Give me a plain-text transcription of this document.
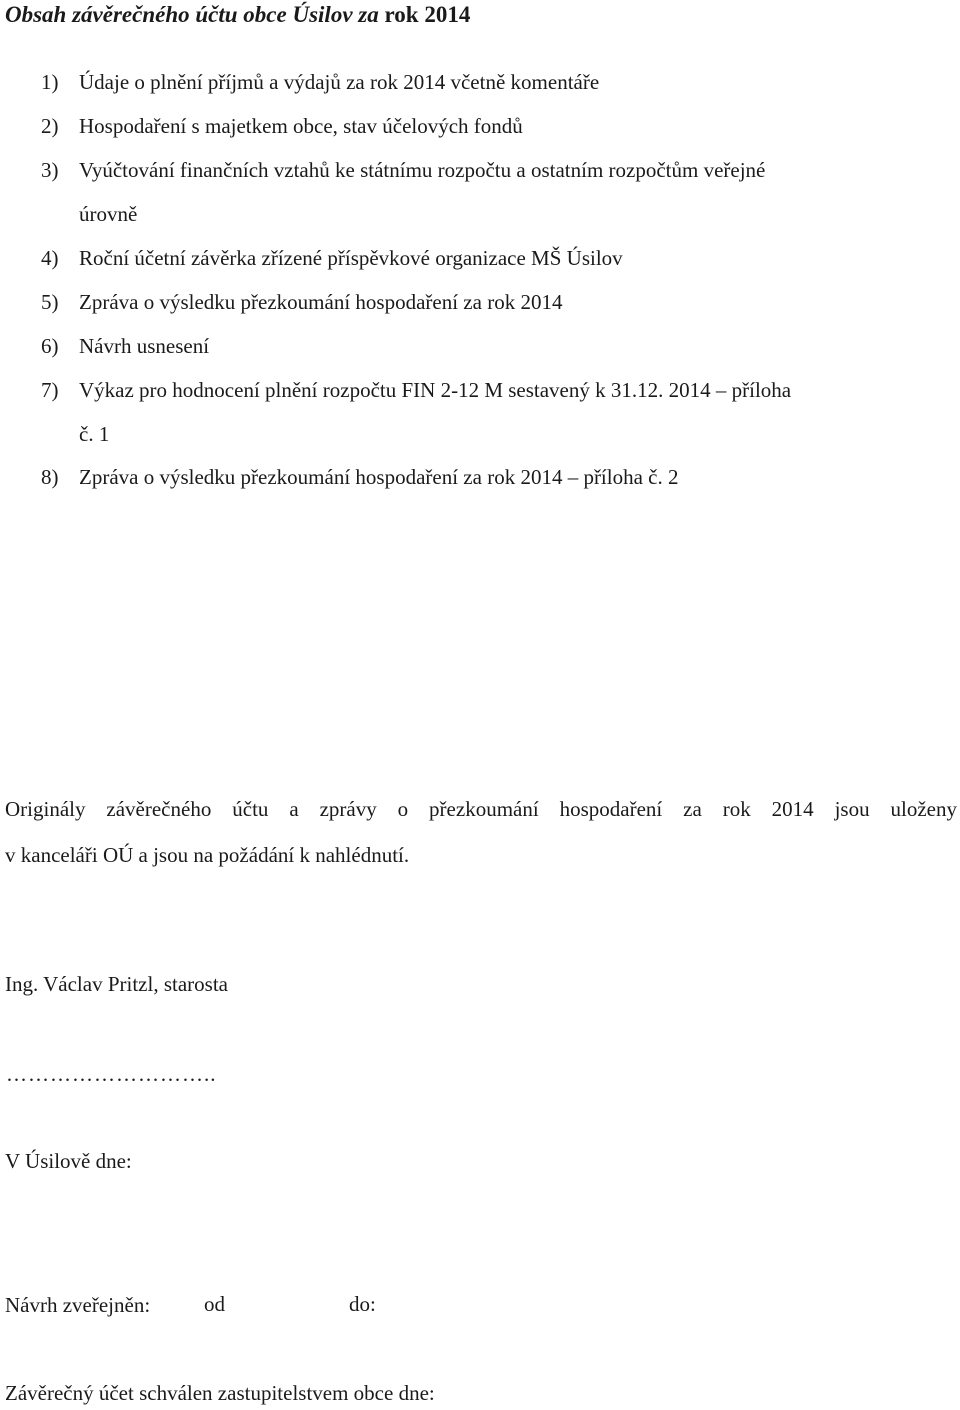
Obsah závěrečného účtu obce Úsilov za rok 2014
1) Údaje o plnění příjmů a výdajů za rok 2014 včetně komentáře
2) Hospodaření s majetkem obce, stav účelových fondů
3) Vyúčtování finančních vztahů ke státnímu rozpočtu a ostatním rozpočtům veřejné
úrovně
4) Roční účetní závěrka zřízené příspěvkové organizace MŠ Úsilov
5) Zpráva o výsledku přezkoumání hospodaření za rok 2014
6) Návrh usnesení
7) Výkaz pro hodnocení plnění rozpočtu FIN 2-12 M sestavený k 31.12. 2014 – příloha
č. 1
8) Zpráva o výsledku přezkoumání hospodaření za rok 2014 – příloha č. 2
Originály závěrečného účtu a zprávy o přezkoumání hospodaření za rok 2014 jsou uloženy
v kanceláři OÚ a jsou na požádání k nahlédnutí.
Ing. Václav Pritzl, starosta
………………………..
V Úsilově dne:
Návrh zveřejněn:	od	do:
Závěrečný účet schválen zastupitelstvem obce dne:
